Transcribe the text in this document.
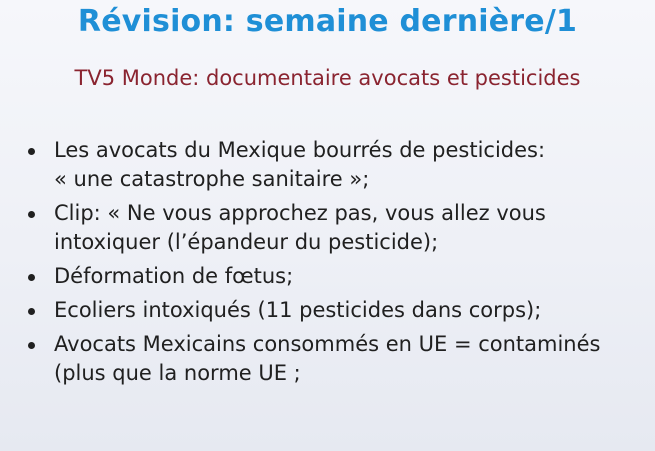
Révision: semaine dernière/1
TV5 Monde: documentaire avocats et pesticides
Les avocats du Mexique bourrés de pesticides:
« une catastrophe sanitaire »;
Clip: « Ne vous approchez pas, vous allez vous
intoxiquer (l’épandeur du pesticide);
Déformation de fœtus;
Ecoliers intoxiqués (11 pesticides dans corps);
Avocats Mexicains consommés en UE = contaminés
(plus que la norme UE ;
